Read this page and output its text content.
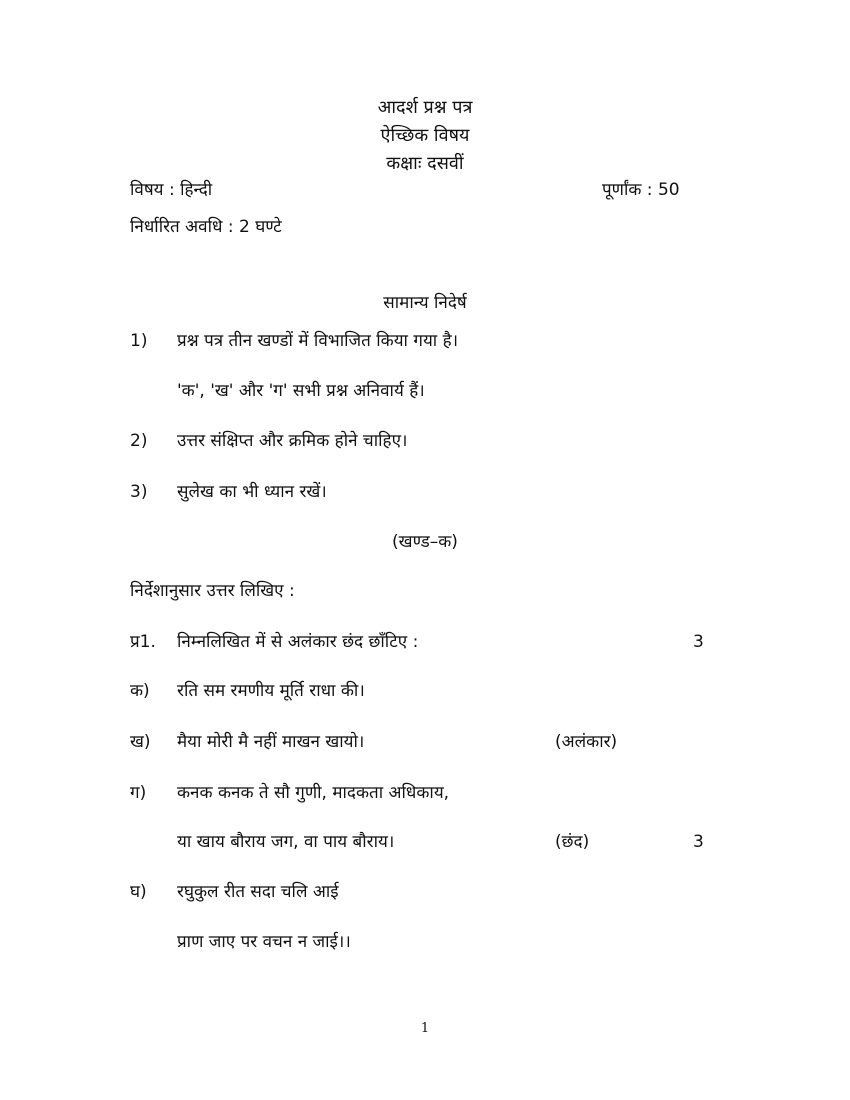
आदर्श प्रश्न पत्र
ऐच्छिक विषय
कक्षाः दसवीं
विषय : हिन्दी	पूर्णांक : 50
निर्धारित अवधि : 2 घण्टे
सामान्य निदेर्ष
1) प्रश्न पत्र तीन खण्डों में विभाजित किया गया है।
'क', 'ख' और 'ग' सभी प्रश्न अनिवार्य हैं।
2) उत्तर संक्षिप्त और क्रमिक होने चाहिए।
3) सुलेख का भी ध्यान रखें।
(खण्ड–क)
निर्देशानुसार उत्तर लिखिए :
प्र1. निम्नलिखित में से अलंकार छंद छाँटिए :	3
क) रति सम रमणीय मूर्ति राधा की।
ख) मैया मोरी मै नहीं माखन खायो।	(अलंकार)
ग) कनक कनक ते सौ गुणी, मादकता अधिकाय,
या खाय बौराय जग, वा पाय बौराय।	(छंद)	3
घ) रघुकुल रीत सदा चलि आई
प्राण जाए पर वचन न जाई।।
1
